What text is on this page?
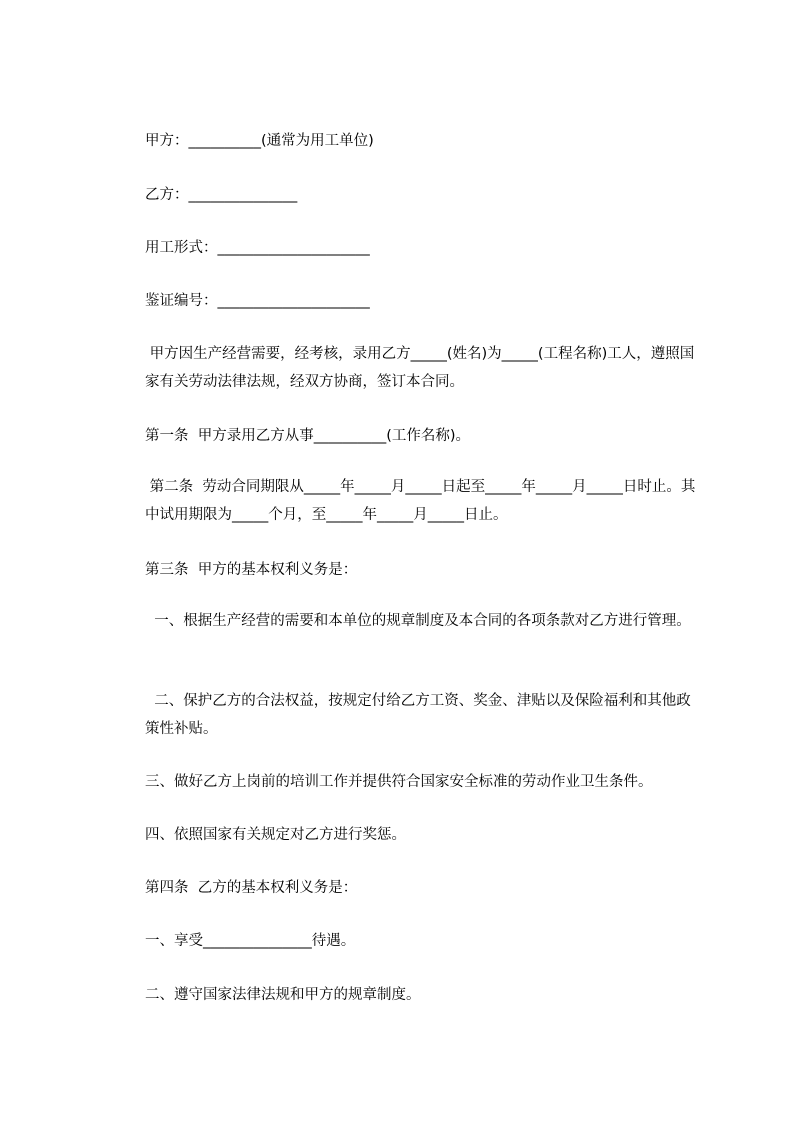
甲方：__________(通常为用工单位)
乙方：_______________
用工形式：_____________________
鉴证编号：_____________________
甲方因生产经营需要，经考核，录用乙方_____(姓名)为_____(工程名称)工人，遵照国家有关劳动法律法规，经双方协商，签订本合同。
第一条  甲方录用乙方从事__________(工作名称)。
第二条  劳动合同期限从_____年_____月_____日起至_____年_____月_____日时止。其中试用期限为_____个月，至_____年_____月_____日止。
第三条  甲方的基本权利义务是：
一、根据生产经营的需要和本单位的规章制度及本合同的各项条款对乙方进行管理。
二、保护乙方的合法权益，按规定付给乙方工资、奖金、津贴以及保险福利和其他政策性补贴。
三、做好乙方上岗前的培训工作并提供符合国家安全标准的劳动作业卫生条件。
四、依照国家有关规定对乙方进行奖惩。
第四条  乙方的基本权利义务是：
一、享受_______________待遇。
二、遵守国家法律法规和甲方的规章制度。
